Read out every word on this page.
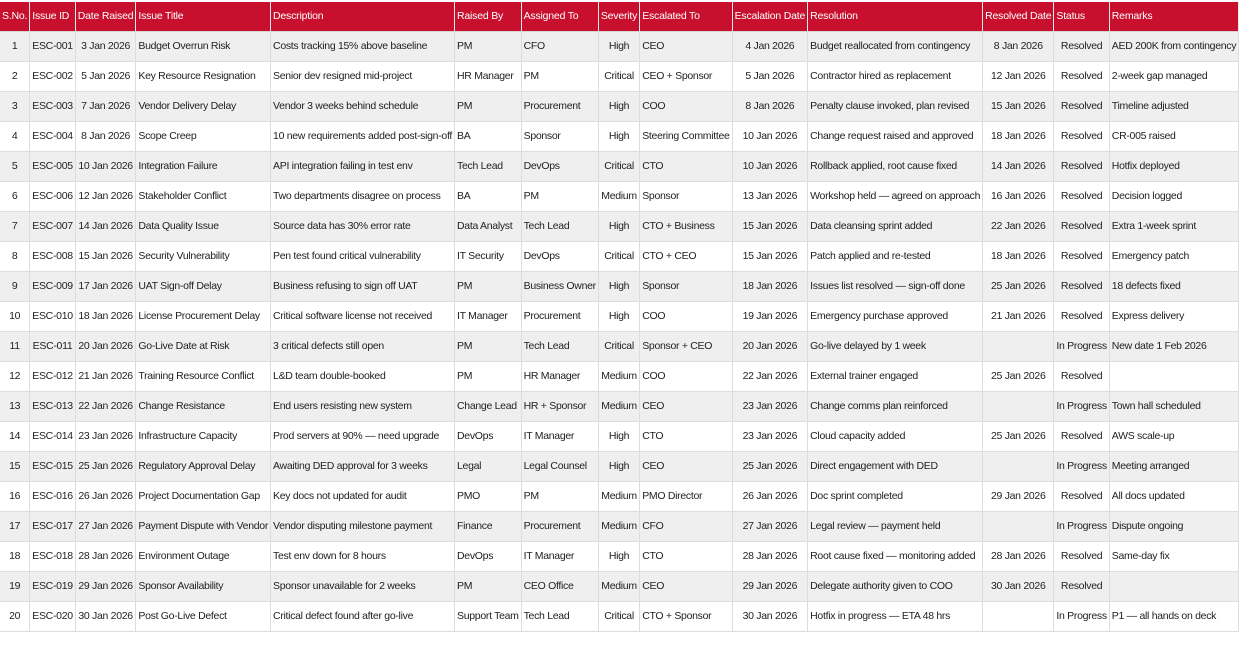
S.No.	Issue ID	Date Raised	Issue Title	Description	Raised By	Assigned To	Severity	Escalated To	Escalation Date	Resolution	Resolved Date	Status	Remarks
1	ESC-001	3 Jan 2026	Budget Overrun Risk	Costs tracking 15% above baseline	PM	CFO	High	CEO	4 Jan 2026	Budget reallocated from contingency	8 Jan 2026	Resolved	AED 200K from contingency
2	ESC-002	5 Jan 2026	Key Resource Resignation	Senior dev resigned mid-project	HR Manager	PM	Critical	CEO + Sponsor	5 Jan 2026	Contractor hired as replacement	12 Jan 2026	Resolved	2-week gap managed
3	ESC-003	7 Jan 2026	Vendor Delivery Delay	Vendor 3 weeks behind schedule	PM	Procurement	High	COO	8 Jan 2026	Penalty clause invoked, plan revised	15 Jan 2026	Resolved	Timeline adjusted
4	ESC-004	8 Jan 2026	Scope Creep	10 new requirements added post-sign-off	BA	Sponsor	High	Steering Committee	10 Jan 2026	Change request raised and approved	18 Jan 2026	Resolved	CR-005 raised
5	ESC-005	10 Jan 2026	Integration Failure	API integration failing in test env	Tech Lead	DevOps	Critical	CTO	10 Jan 2026	Rollback applied, root cause fixed	14 Jan 2026	Resolved	Hotfix deployed
6	ESC-006	12 Jan 2026	Stakeholder Conflict	Two departments disagree on process	BA	PM	Medium	Sponsor	13 Jan 2026	Workshop held — agreed on approach	16 Jan 2026	Resolved	Decision logged
7	ESC-007	14 Jan 2026	Data Quality Issue	Source data has 30% error rate	Data Analyst	Tech Lead	High	CTO + Business	15 Jan 2026	Data cleansing sprint added	22 Jan 2026	Resolved	Extra 1-week sprint
8	ESC-008	15 Jan 2026	Security Vulnerability	Pen test found critical vulnerability	IT Security	DevOps	Critical	CTO + CEO	15 Jan 2026	Patch applied and re-tested	18 Jan 2026	Resolved	Emergency patch
9	ESC-009	17 Jan 2026	UAT Sign-off Delay	Business refusing to sign off UAT	PM	Business Owner	High	Sponsor	18 Jan 2026	Issues list resolved — sign-off done	25 Jan 2026	Resolved	18 defects fixed
10	ESC-010	18 Jan 2026	License Procurement Delay	Critical software license not received	IT Manager	Procurement	High	COO	19 Jan 2026	Emergency purchase approved	21 Jan 2026	Resolved	Express delivery
11	ESC-011	20 Jan 2026	Go-Live Date at Risk	3 critical defects still open	PM	Tech Lead	Critical	Sponsor + CEO	20 Jan 2026	Go-live delayed by 1 week		In Progress	New date 1 Feb 2026
12	ESC-012	21 Jan 2026	Training Resource Conflict	L&D team double-booked	PM	HR Manager	Medium	COO	22 Jan 2026	External trainer engaged	25 Jan 2026	Resolved	
13	ESC-013	22 Jan 2026	Change Resistance	End users resisting new system	Change Lead	HR + Sponsor	Medium	CEO	23 Jan 2026	Change comms plan reinforced		In Progress	Town hall scheduled
14	ESC-014	23 Jan 2026	Infrastructure Capacity	Prod servers at 90% — need upgrade	DevOps	IT Manager	High	CTO	23 Jan 2026	Cloud capacity added	25 Jan 2026	Resolved	AWS scale-up
15	ESC-015	25 Jan 2026	Regulatory Approval Delay	Awaiting DED approval for 3 weeks	Legal	Legal Counsel	High	CEO	25 Jan 2026	Direct engagement with DED		In Progress	Meeting arranged
16	ESC-016	26 Jan 2026	Project Documentation Gap	Key docs not updated for audit	PMO	PM	Medium	PMO Director	26 Jan 2026	Doc sprint completed	29 Jan 2026	Resolved	All docs updated
17	ESC-017	27 Jan 2026	Payment Dispute with Vendor	Vendor disputing milestone payment	Finance	Procurement	Medium	CFO	27 Jan 2026	Legal review — payment held		In Progress	Dispute ongoing
18	ESC-018	28 Jan 2026	Environment Outage	Test env down for 8 hours	DevOps	IT Manager	High	CTO	28 Jan 2026	Root cause fixed — monitoring added	28 Jan 2026	Resolved	Same-day fix
19	ESC-019	29 Jan 2026	Sponsor Availability	Sponsor unavailable for 2 weeks	PM	CEO Office	Medium	CEO	29 Jan 2026	Delegate authority given to COO	30 Jan 2026	Resolved	
20	ESC-020	30 Jan 2026	Post Go-Live Defect	Critical defect found after go-live	Support Team	Tech Lead	Critical	CTO + Sponsor	30 Jan 2026	Hotfix in progress — ETA 48 hrs		In Progress	P1 — all hands on deck
